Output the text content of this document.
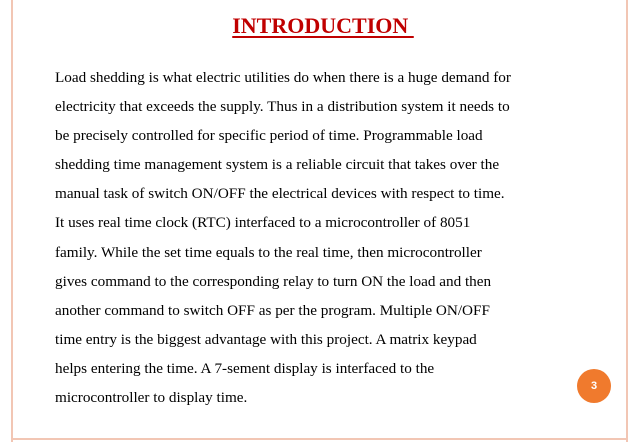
INTRODUCTION
Load shedding is what electric utilities do when there is a huge demand for
electricity that exceeds the supply. Thus in a distribution system it needs to
be precisely controlled for specific period of time. Programmable load
shedding time management system is a reliable circuit that takes over the
manual task of switch ON/OFF the electrical devices with respect to time.
It uses real time clock (RTC) interfaced to a microcontroller of 8051
family. While the set time equals to the real time, then microcontroller
gives command to the corresponding relay to turn ON the load and then
another command to switch OFF as per the program. Multiple ON/OFF
time entry is the biggest advantage with this project. A matrix keypad
helps entering the time. A 7-sement display is interfaced to the
microcontroller to display time.
3
